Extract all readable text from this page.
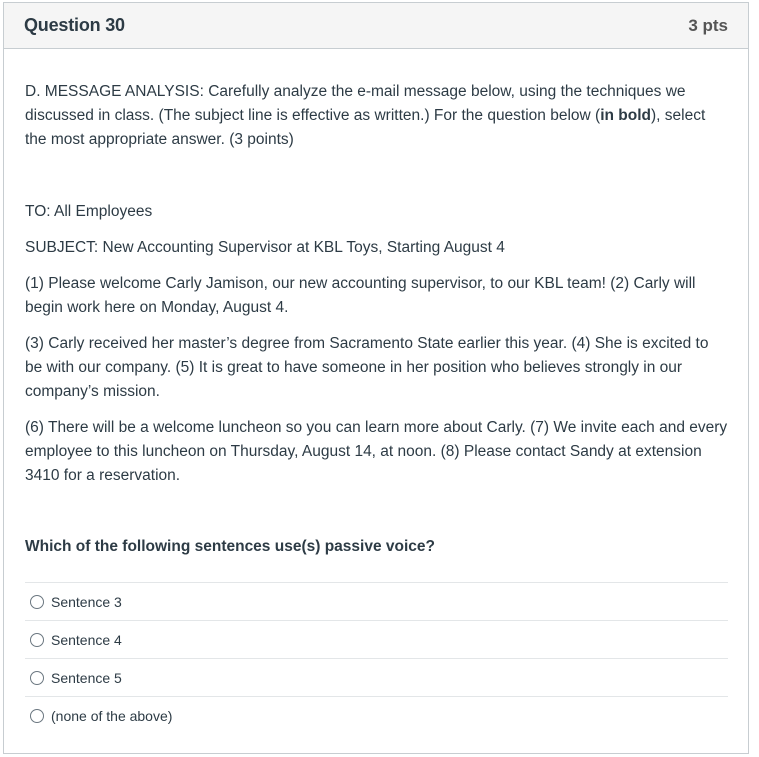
Question 30	3 pts

D. MESSAGE ANALYSIS: Carefully analyze the e-mail message below, using the techniques we discussed in class. (The subject line is effective as written.) For the question below (in bold), select the most appropriate answer. (3 points)

TO: All Employees

SUBJECT: New Accounting Supervisor at KBL Toys, Starting August 4

(1) Please welcome Carly Jamison, our new accounting supervisor, to our KBL team! (2) Carly will begin work here on Monday, August 4.

(3) Carly received her master’s degree from Sacramento State earlier this year. (4) She is excited to be with our company. (5) It is great to have someone in her position who believes strongly in our company’s mission.

(6) There will be a welcome luncheon so you can learn more about Carly. (7) We invite each and every employee to this luncheon on Thursday, August 14, at noon. (8) Please contact Sandy at extension 3410 for a reservation.

Which of the following sentences use(s) passive voice?

Sentence 3
Sentence 4
Sentence 5
(none of the above)
